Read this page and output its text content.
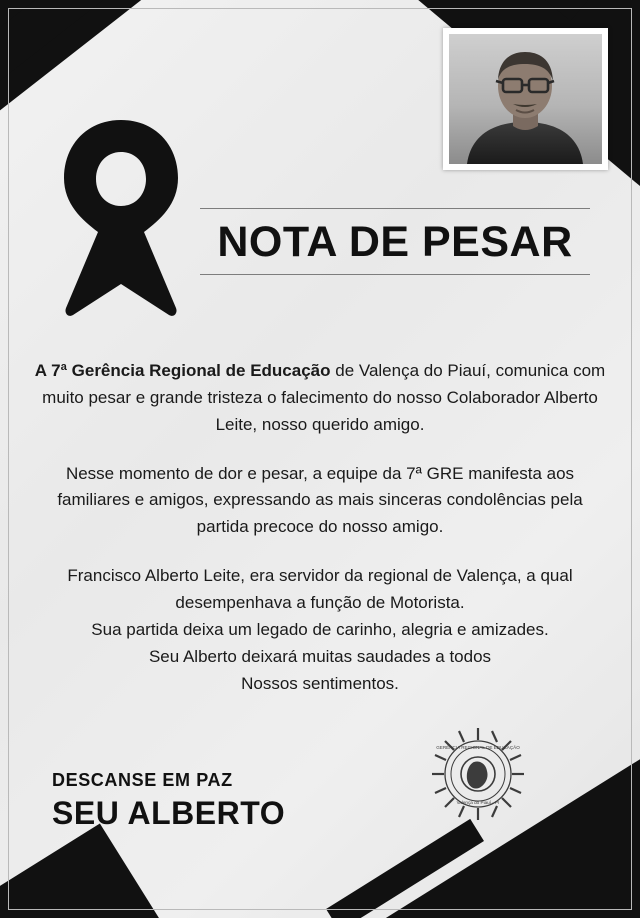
NOTA DE PESAR

A 7ª Gerência Regional de Educação de Valença do Piauí, comunica com muito pesar e grande tristeza o falecimento do nosso Colaborador Alberto Leite, nosso querido amigo.

Nesse momento de dor e pesar, a equipe da 7ª GRE manifesta aos familiares e amigos, expressando as mais sinceras condolências pela partida precoce do nosso amigo.

Francisco Alberto Leite, era servidor da regional de Valença, a qual desempenhava a função de Motorista.
Sua partida deixa um legado de carinho, alegria e amizades.
Seu Alberto deixará muitas saudades a todos
Nossos sentimentos.

GERÊNCIA REGIONAL DE EDUCAÇÃO
Valença do Piauí - PI
DESCANSE EM PAZ
SEU ALBERTO
